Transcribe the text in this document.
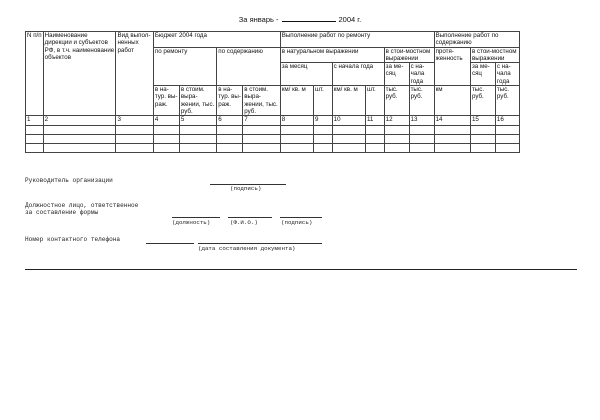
За январь -	2004 г.
N п/п	Наименование дирекции и субъектов РФ, в т.ч. наименование объектов	Вид выпол-ненных работ	Бюджет 2004 года				Выполнение работ по ремонту						Выполнение работ по содержанию		
			по ремонту		по содержанию		в натуральном выражении				в стои-мостном выражении		протя-женность	в стои-мостном выражении	
							за месяц		с начала года		за ме-сяц	с на-чала года		за ме-сяц	с на-чала года
			в на-тур. вы-раж.	в стоим. выра-жении, тыс. руб.	в на-тур. вы-раж.	в стоим. выра-жении, тыс. руб.	км/ кв. м	шт.	км/ кв. м	шт.	тыс. руб.	тыс. руб.	км	тыс. руб.	тыс. руб.
1	2	3	4	5	6	7	8	9	10	11	12	13	14	15	16

Руководитель организации
(подпись)
Должностное лицо, ответственное
за составление формы
(должность)	(Ф.И.О.)	(подпись)
Номер контактного телефона
(дата составления документа)
